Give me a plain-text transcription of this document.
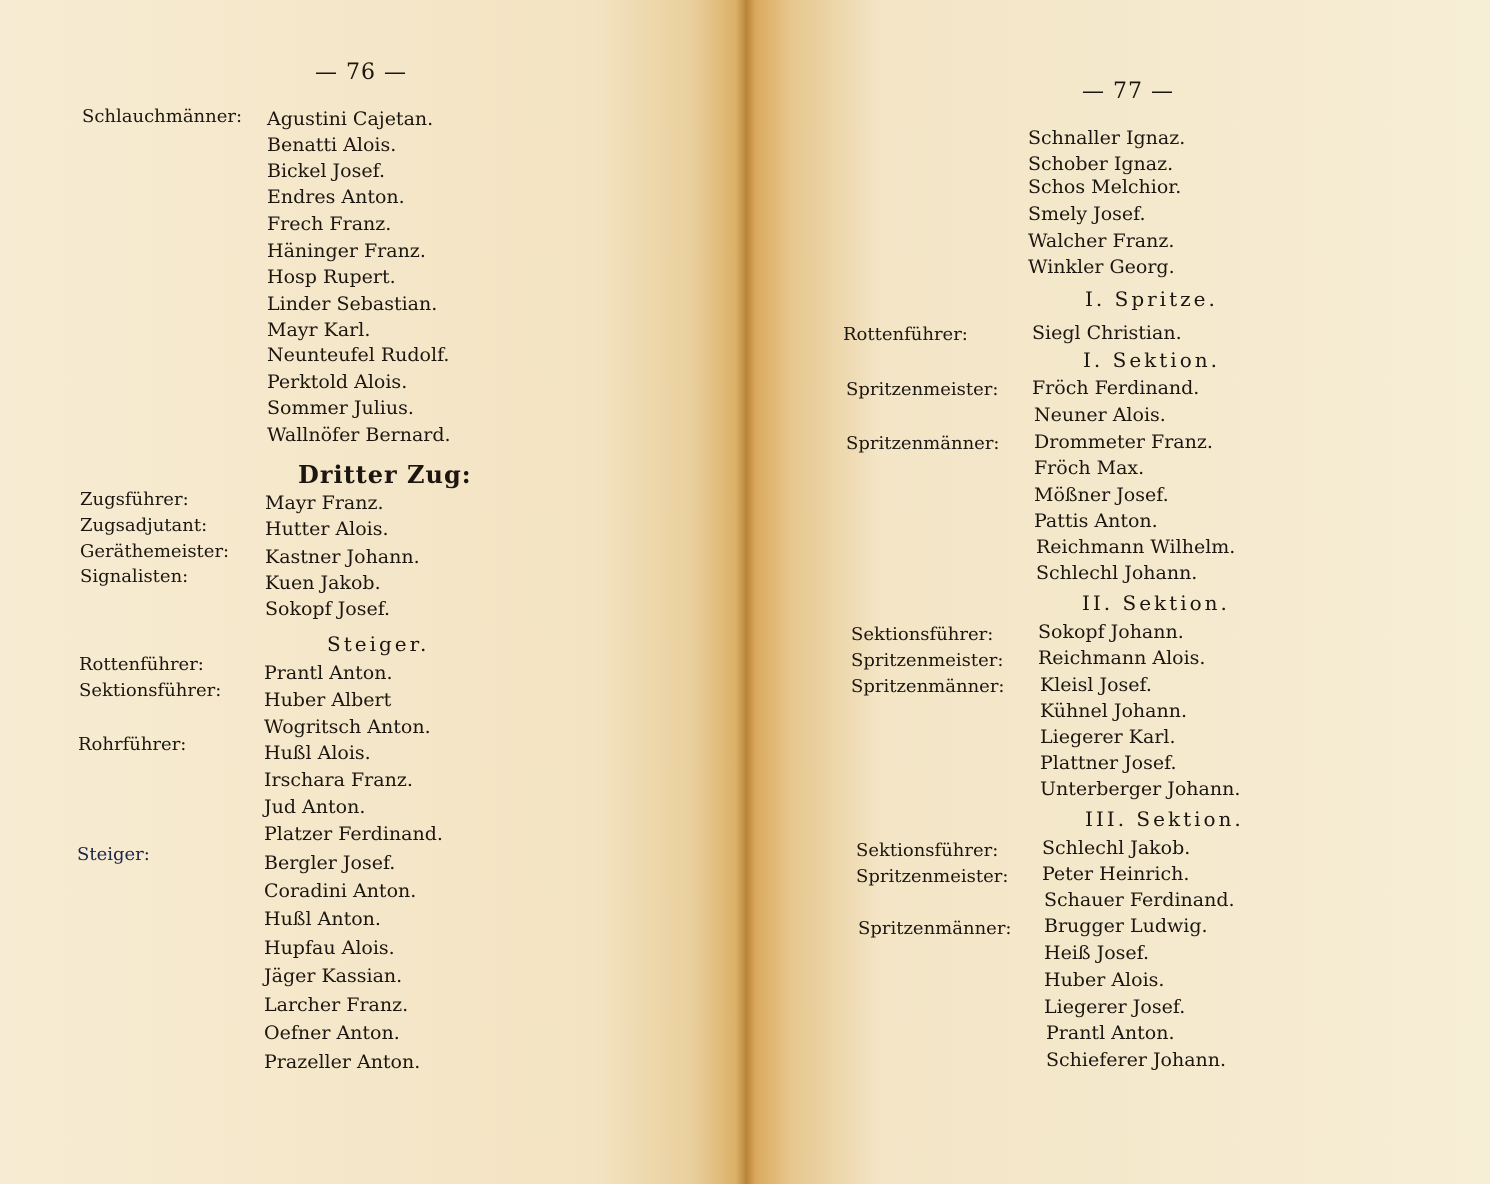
— 76 —
Schlauchmänner: Agustini Cajetan.
Benatti Alois.
Bickel Josef.
Endres Anton.
Frech Franz.
Häninger Franz.
Hosp Rupert.
Linder Sebastian.
Mayr Karl.
Neunteufel Rudolf.
Perktold Alois.
Sommer Julius.
Wallnöfer Bernard.
Dritter Zug:
Zugsführer:	Mayr Franz.
Zugsadjutant:	Hutter Alois.
Geräthemeister: Kastner Johann.
Signalisten:	Kuen Jakob.
Sokopf Josef.
Steiger.
Rottenführer:	Prantl Anton.
Sektionsführer: Huber Albert
Wogritsch Anton.
Rohrführer:	Hußl Alois.
Irschara Franz.
Jud Anton.
Platzer Ferdinand.
Steiger:	Bergler Josef.
Coradini Anton.
Hußl Anton.
Hupfau Alois.
Jäger Kassian.
Larcher Franz.
Oefner Anton.
Prazeller Anton.
— 77 —
Schnaller Ignaz.
Schober Ignaz.
Schos Melchior.
Smely Josef.
Walcher Franz.
Winkler Georg.
I. Spritze.
Rottenführer:	Siegl Christian.
I. Sektion.
Spritzenmeister: Fröch Ferdinand.
Neuner Alois.
Spritzenmänner: Drommeter Franz.
Fröch Max.
Mößner Josef.
Pattis Anton.
Reichmann Wilhelm.
Schlechl Johann.
II. Sektion.
Sektionsführer: Sokopf Johann.
Spritzenmeister: Reichmann Alois.
Spritzenmänner: Kleisl Josef.
Kühnel Johann.
Liegerer Karl.
Plattner Josef.
Unterberger Johann.
III. Sektion.
Sektionsführer: Schlechl Jakob.
Spritzenmeister: Peter Heinrich.
Schauer Ferdinand.
Spritzenmänner: Brugger Ludwig.
Heiß Josef.
Huber Alois.
Liegerer Josef.
Prantl Anton.
Schieferer Johann.
